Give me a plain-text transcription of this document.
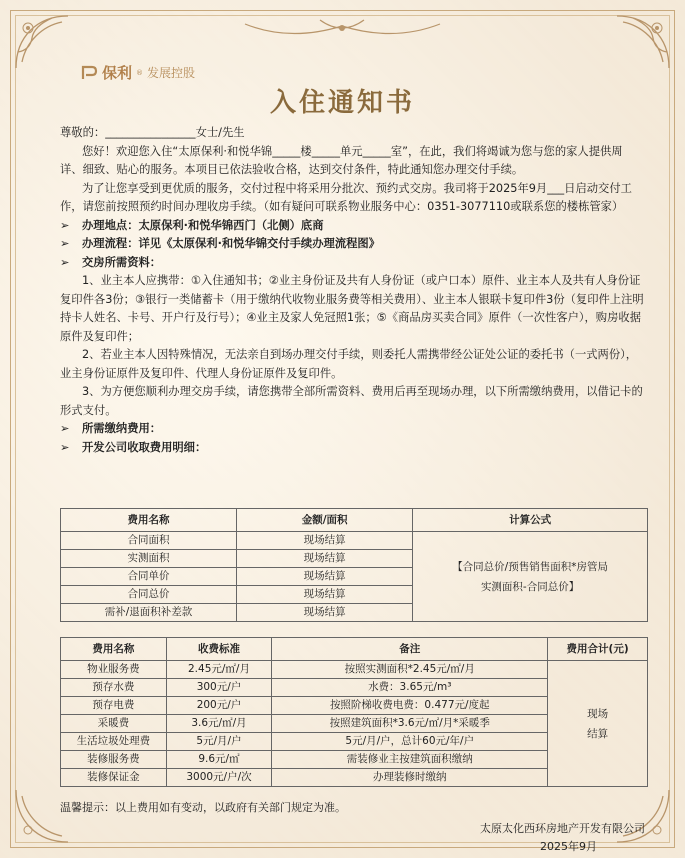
保利 ® 发展控股
入住通知书

尊敬的：________________女士/先生

您好！欢迎您入住“太原保利·和悦华锦_____楼_____单元_____室”，在此，我们将竭诚为您与您的家人提供周详、细致、贴心的服务。本项目已依法验收合格，达到交付条件，特此通知您办理交付手续。

为了让您享受到更优质的服务，交付过程中将采用分批次、预约式交房。我司将于2025年9月___日启动交付工作，请您前按照预约时间办理收房手续。（如有疑问可联系物业服务中心：0351-3077110或联系您的楼栋管家）

➢	办理地点：太原保利·和悦华锦西门（北侧）底商
➢	办理流程：详见《太原保利·和悦华锦交付手续办理流程图》
➢	交房所需资料：

1、业主本人应携带：①入住通知书；②业主身份证及共有人身份证（或户口本）原件、业主本人及共有人身份证复印件各3份；③银行一类储蓄卡（用于缴纳代收物业服务费等相关费用）、业主本人银联卡复印件3份（复印件上注明持卡人姓名、卡号、开户行及行号）；④业主及家人免冠照1张；⑤《商品房买卖合同》原件（一次性客户），购房收据原件及复印件；

2、若业主本人因特殊情况，无法亲自到场办理交付手续，则委托人需携带经公证处公证的委托书（一式两份），业主身份证原件及复印件、代理人身份证原件及复印件。

3、为方便您顺利办理交房手续，请您携带全部所需资料、费用后再至现场办理，以下所需缴纳费用，以借记卡的形式支付。

➢	所需缴纳费用：
➢	开发公司收取费用明细：
费用名称	金额/面积	计算公式
合同面积	现场结算	【合同总价/预售销售面积*房管局
实测面积-合同总价】

实测面积	现场结算	
合同单价	现场结算	
合同总价	现场结算	
需补/退面积补差款	现场结算	
费用名称	收费标准	备注	费用合计(元)
物业服务费	2.45元/㎡/月	按照实测面积*2.45元/㎡/月	现场
结算

预存水费	300元/户	水费：3.65元/m³	
预存电费	200元/户	按照阶梯收费电费：0.477元/度起	
采暖费	3.6元/㎡/月	按照建筑面积*3.6元/㎡/月*采暖季	
生活垃圾处理费	5元/月/户	5元/月/户，总计60元/年/户	
装修服务费	9.6元/㎡	需装修业主按建筑面积缴纳	
装修保证金	3000元/户/次	办理装修时缴纳	
温馨提示：以上费用如有变动，以政府有关部门规定为准。
太原太化西环房地产开发有限公司
2025年9月
